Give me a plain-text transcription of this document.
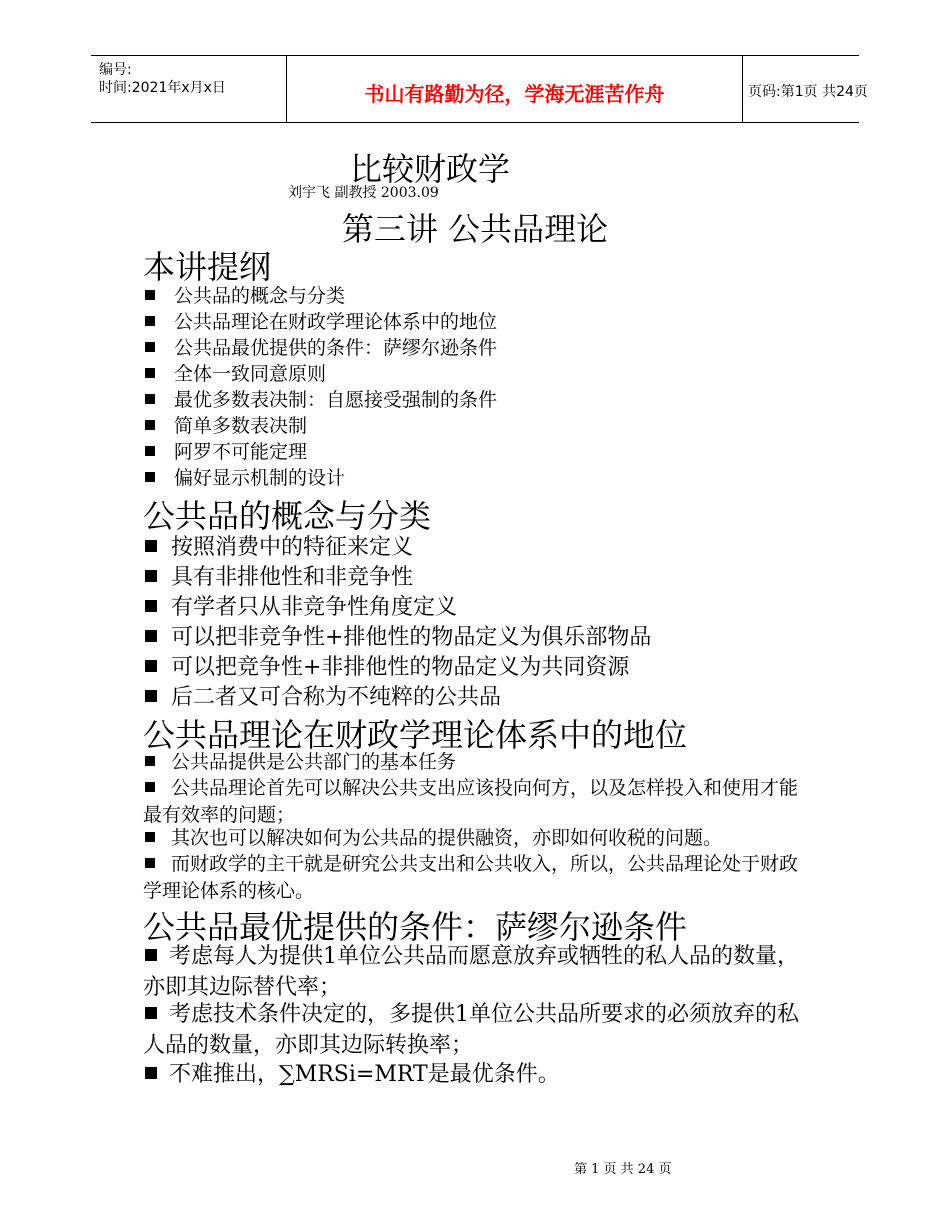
编号:
时间:2021年x月x日	书山有路勤为径，学海无涯苦作舟	页码:第1页 共24页
比较财政学
刘宇飞 副教授 2003.09
第三讲 公共品理论
本讲提纲
公共品的概念与分类
公共品理论在财政学理论体系中的地位
公共品最优提供的条件：萨缪尔逊条件
全体一致同意原则
最优多数表决制：自愿接受强制的条件
简单多数表决制
阿罗不可能定理
偏好显示机制的设计
公共品的概念与分类
按照消费中的特征来定义
具有非排他性和非竞争性
有学者只从非竞争性角度定义
可以把非竞争性+排他性的物品定义为俱乐部物品
可以把竞争性+非排他性的物品定义为共同资源
后二者又可合称为不纯粹的公共品
公共品理论在财政学理论体系中的地位
公共品提供是公共部门的基本任务
公共品理论首先可以解决公共支出应该投向何方，以及怎样投入和使用才能最有效率的问题；
其次也可以解决如何为公共品的提供融资，亦即如何收税的问题。
而财政学的主干就是研究公共支出和公共收入，所以，公共品理论处于财政学理论体系的核心。
公共品最优提供的条件：萨缪尔逊条件
考虑每人为提供1单位公共品而愿意放弃或牺牲的私人品的数量，亦即其边际替代率；
考虑技术条件决定的，多提供1单位公共品所要求的必须放弃的私人品的数量，亦即其边际转换率；
不难推出，∑MRSi=MRT是最优条件。
第 1 页 共 24 页
